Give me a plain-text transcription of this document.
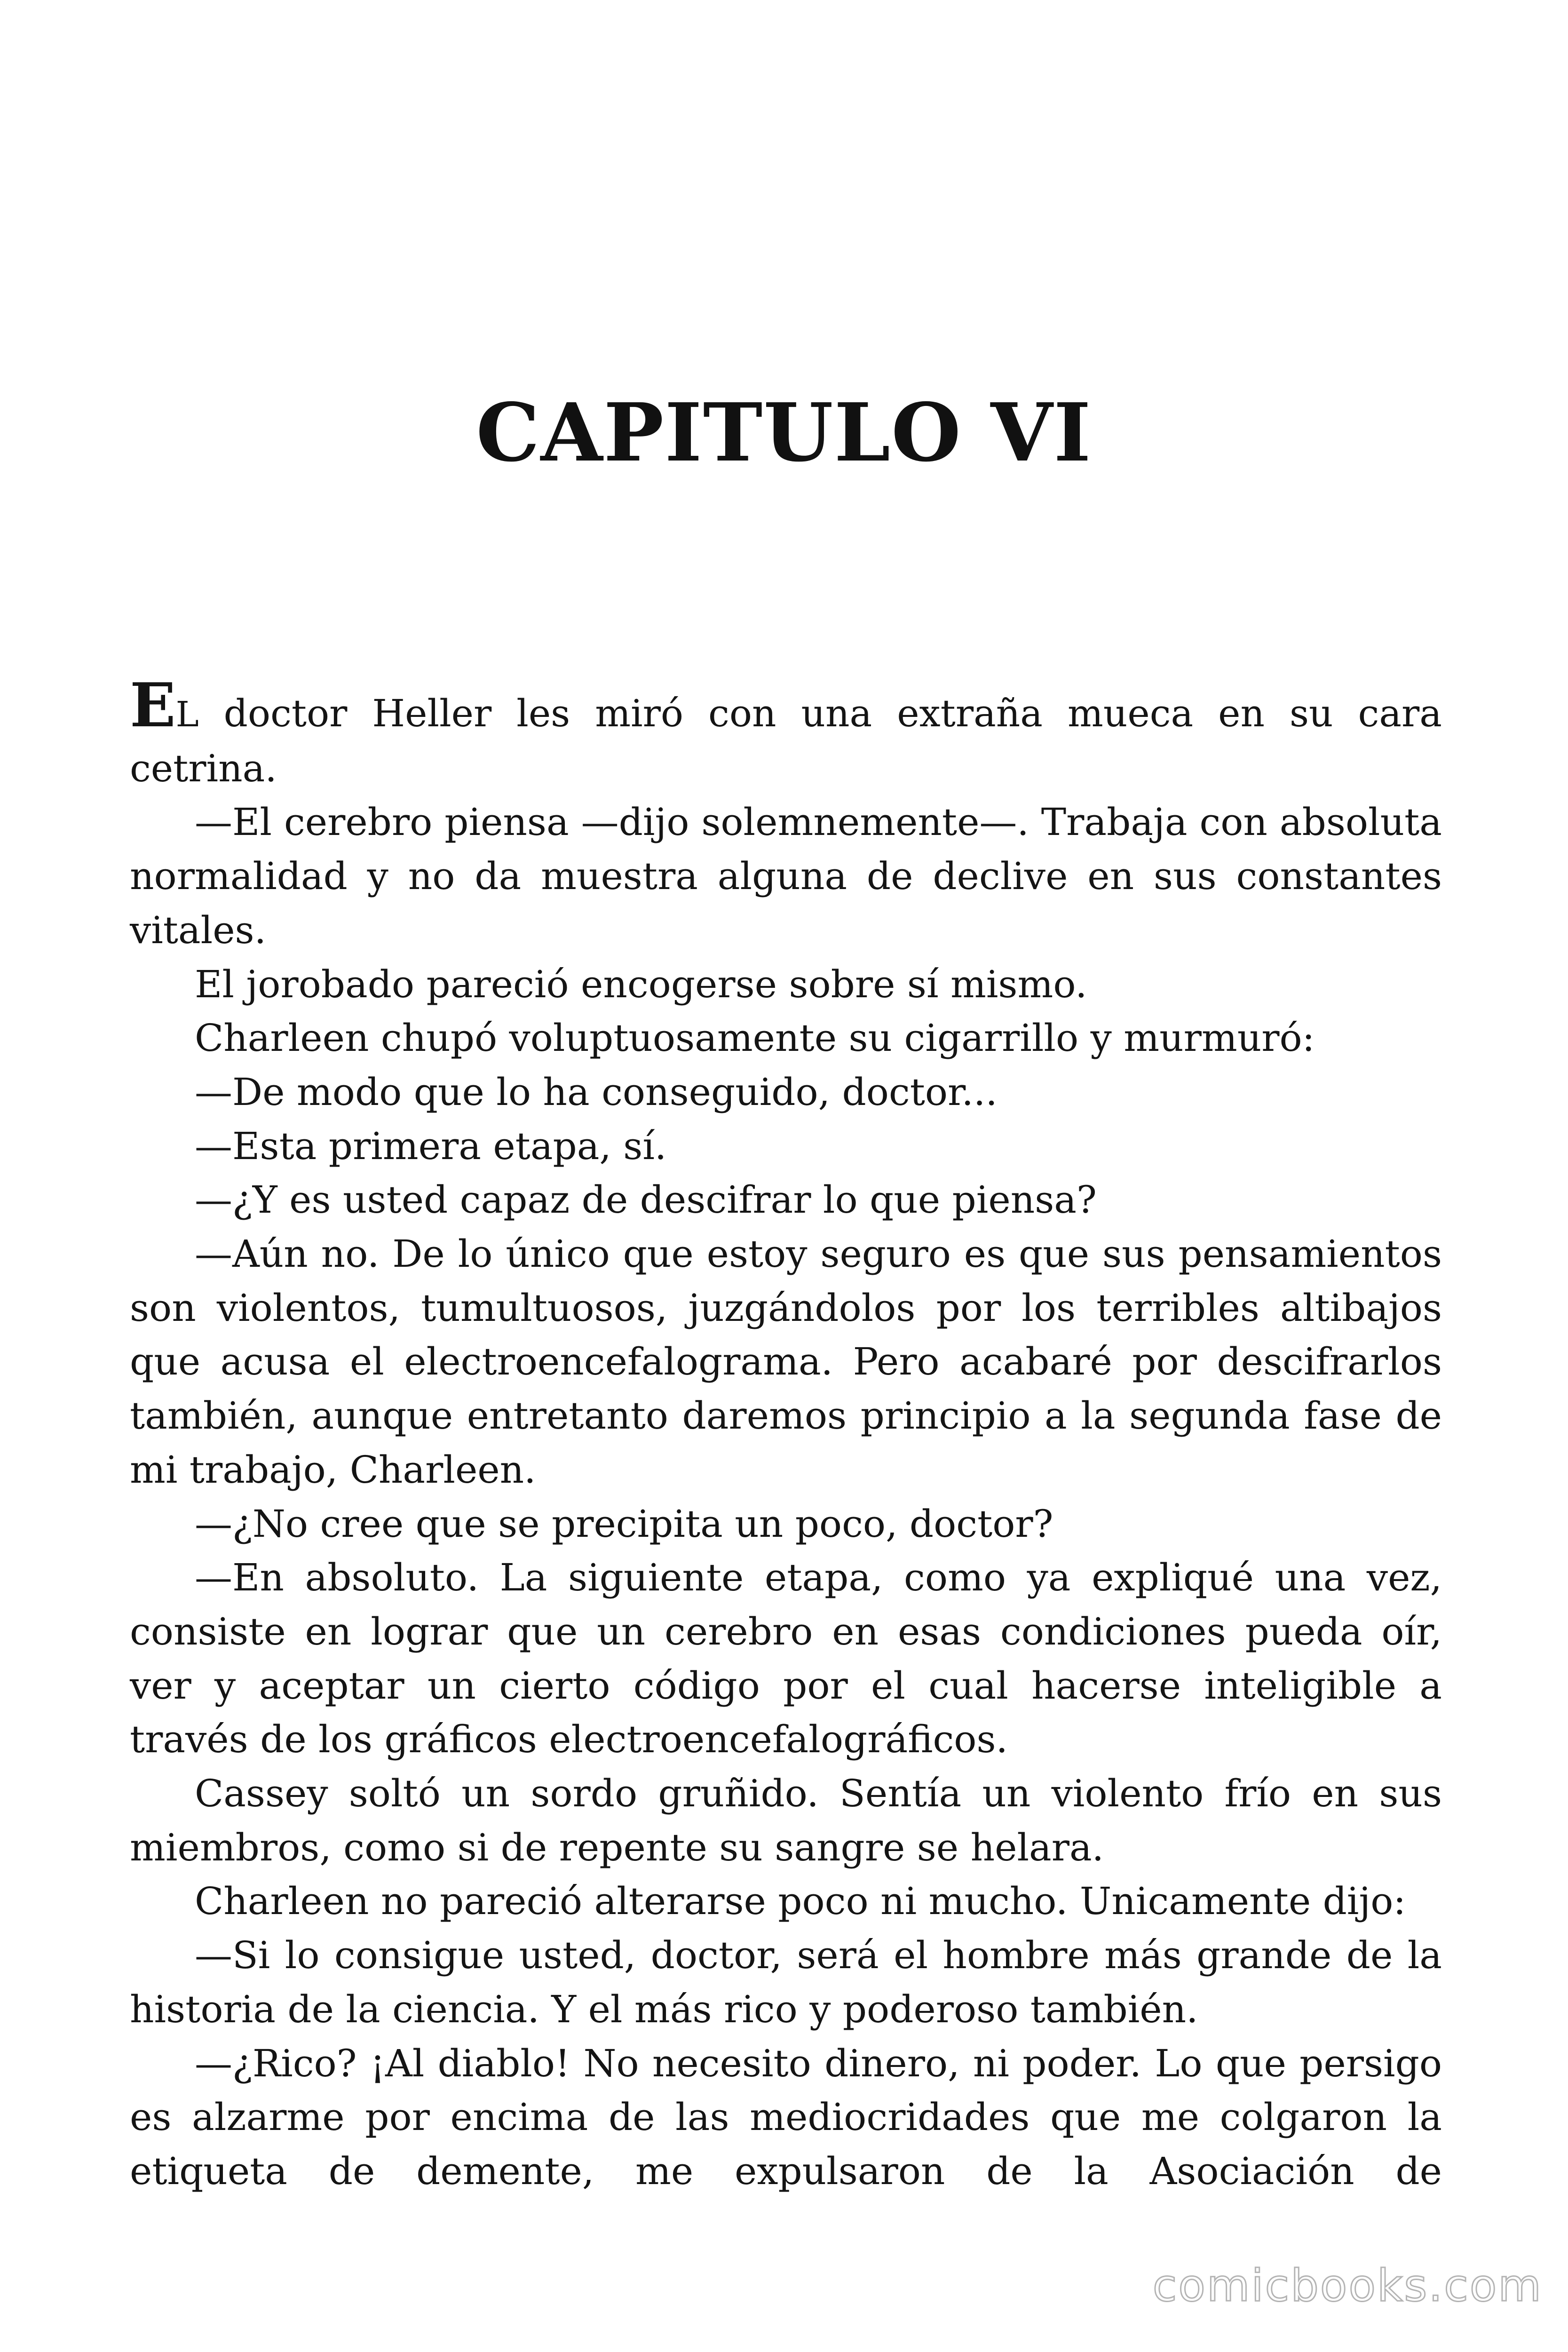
CAPITULO VI

EL doctor Heller les miró con una extraña mueca en su cara cetrina.

—El cerebro piensa —dijo solemnemente—. Trabaja con absoluta normalidad y no da muestra alguna de declive en sus constantes vitales.

El jorobado pareció encogerse sobre sí mismo.

Charleen chupó voluptuosamente su cigarrillo y murmuró:

—De modo que lo ha conseguido, doctor...

—Esta primera etapa, sí.

—¿Y es usted capaz de descifrar lo que piensa?

—Aún no. De lo único que estoy seguro es que sus pensamientos son violentos, tumultuosos, juzgándolos por los terribles altibajos que acusa el electroencefalograma. Pero acabaré por descifrarlos también, aunque entretanto daremos principio a la segunda fase de mi trabajo, Charleen.

—¿No cree que se precipita un poco, doctor?

—En absoluto. La siguiente etapa, como ya expliqué una vez, consiste en lograr que un cerebro en esas condiciones pueda oír, ver y aceptar un cierto código por el cual hacerse inteligible a través de los gráficos electroencefalográficos.

Cassey soltó un sordo gruñido. Sentía un violento frío en sus miembros, como si de repente su sangre se helara.

Charleen no pareció alterarse poco ni mucho. Unicamente dijo:

—Si lo consigue usted, doctor, será el hombre más grande de la historia de la ciencia. Y el más rico y poderoso también.

—¿Rico? ¡Al diablo! No necesito dinero, ni poder. Lo que persigo es alzarme por encima de las mediocridades que me colgaron la etiqueta de demente, me expulsaron de la Asociación de

comicbooks.com
